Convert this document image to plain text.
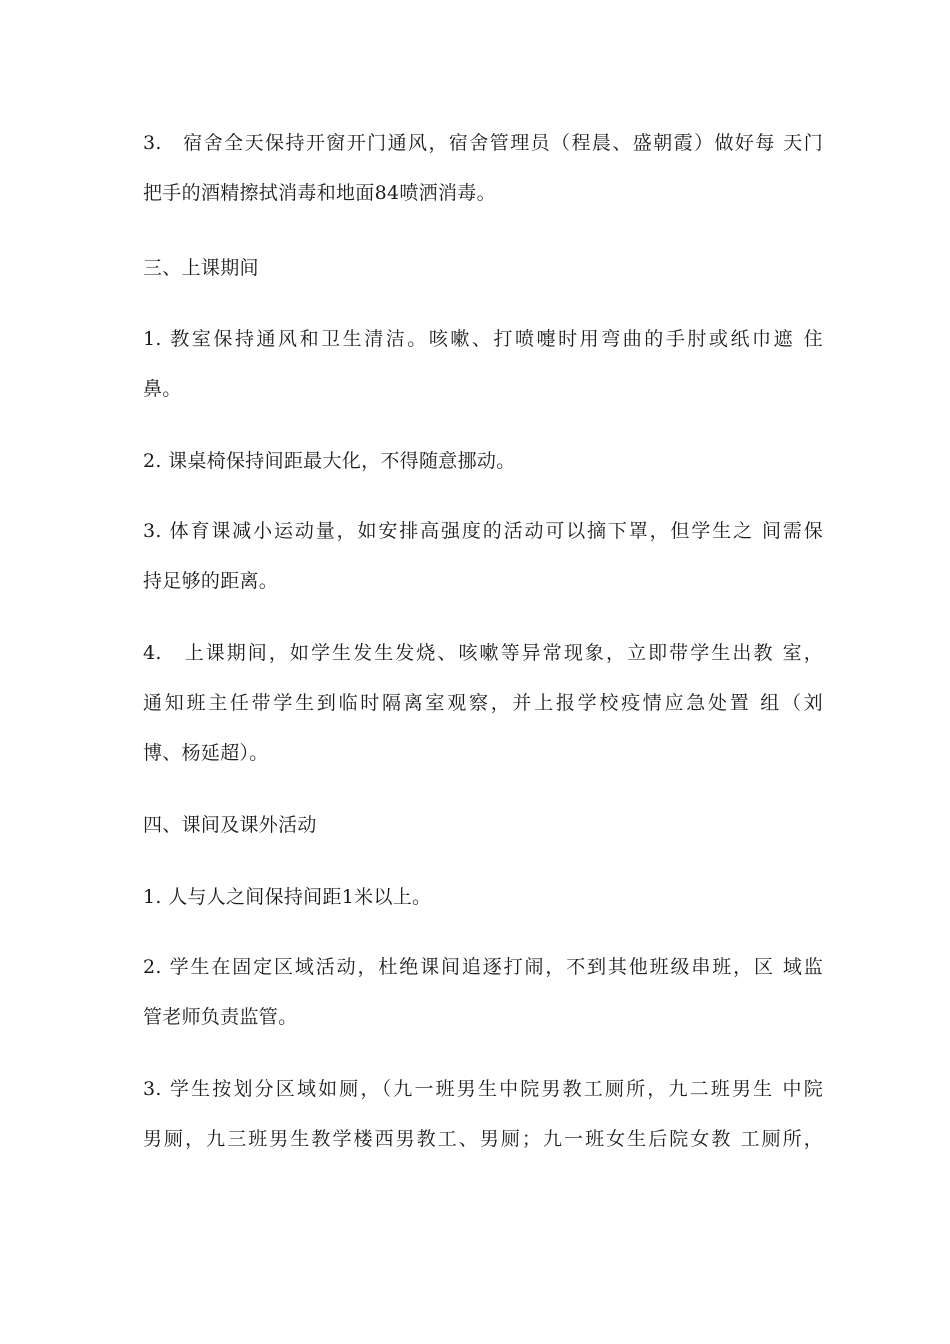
3.　宿舍全天保持开窗开门通风，宿舍管理员（程晨、盛朝霞）做好每 天门
把手的酒精擦拭消毒和地面84喷洒消毒。
三、上课期间
1. 教室保持通风和卫生清洁。咳嗽、打喷嚏时用弯曲的手肘或纸巾遮 住
鼻。
2. 课桌椅保持间距最大化，不得随意挪动。
3. 体育课减小运动量，如安排高强度的活动可以摘下罩，但学生之 间需保
持足够的距离。
4.　上课期间，如学生发生发烧、咳嗽等异常现象，立即带学生出教 室，
通知班主任带学生到临时隔离室观察，并上报学校疫情应急处置 组（刘
博、杨延超）。
四、课间及课外活动
1. 人与人之间保持间距1米以上。
2. 学生在固定区域活动，杜绝课间追逐打闹，不到其他班级串班，区 域监
管老师负责监管。
3. 学生按划分区域如厕，（九一班男生中院男教工厕所，九二班男生 中院
男厕，九三班男生教学楼西男教工、男厕；九一班女生后院女教 工厕所，
